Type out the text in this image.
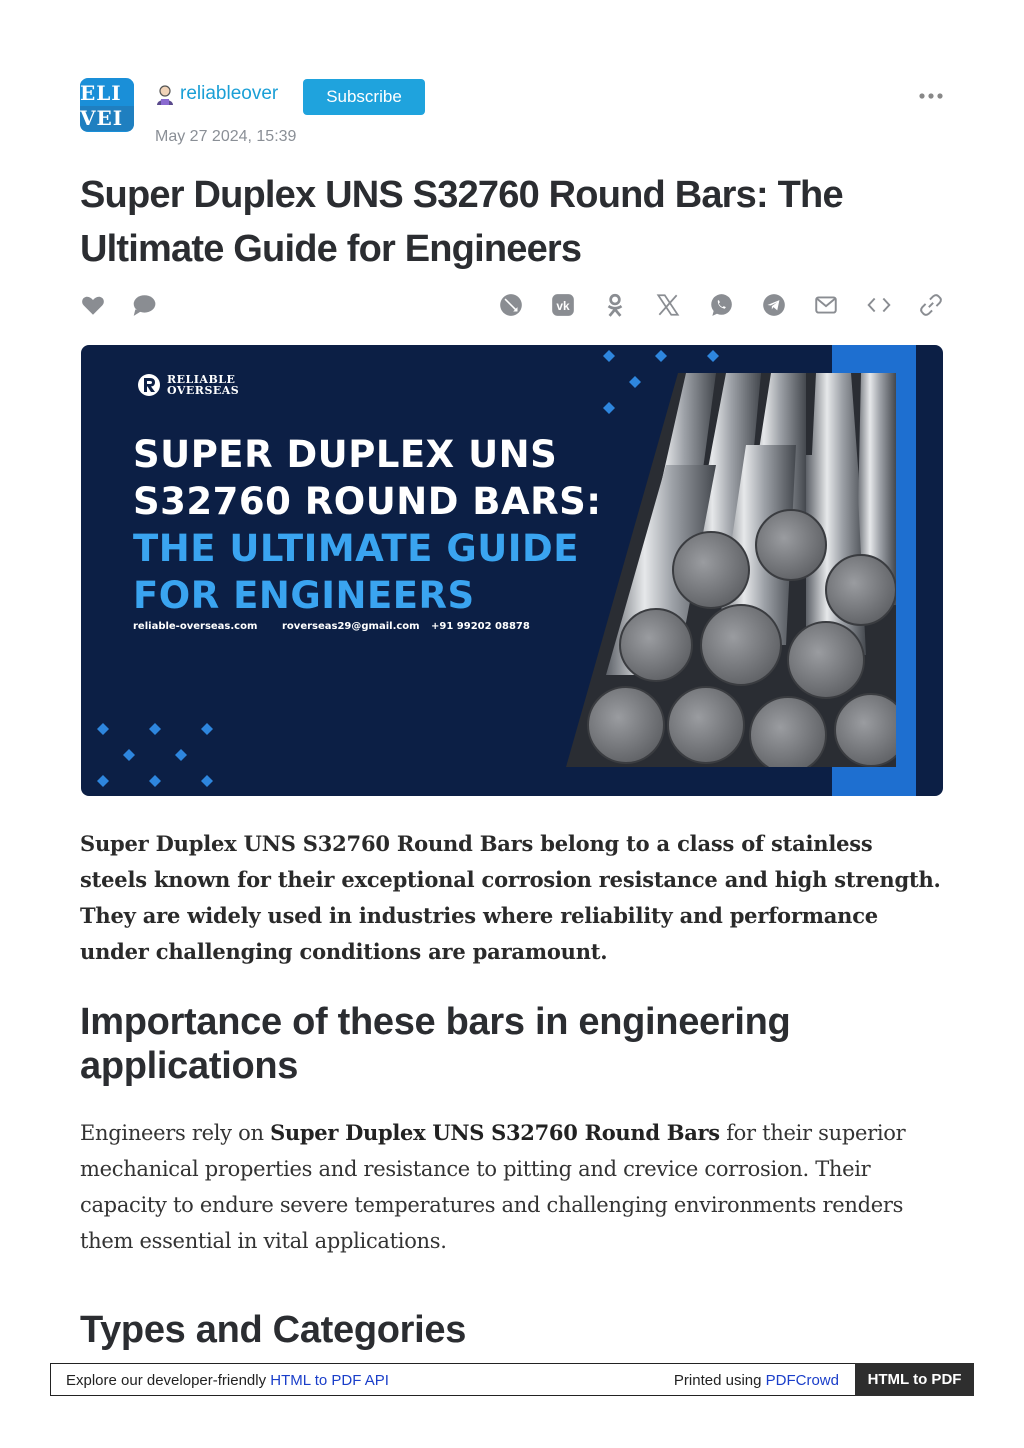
ELI
VEI
reliableover	Subscribe
May 27 2024, 15:39
Super Duplex UNS S32760 Round Bars: The Ultimate Guide for Engineers
vk
RELIABLE
OVERSEAS
SUPER DUPLEX UNS
S32760 ROUND BARS:
THE ULTIMATE GUIDE
FOR ENGINEERS
reliable-overseas.com roverseas29@gmail.com +91 99202 08878

Super Duplex UNS S32760 Round Bars belong to a class of stainless steels known for their exceptional corrosion resistance and high strength. They are widely used in industries where reliability and performance under challenging conditions are paramount.

Importance of these bars in engineering applications

Engineers rely on Super Duplex UNS S32760 Round Bars for their superior mechanical properties and resistance to pitting and crevice corrosion. Their capacity to endure severe temperatures and challenging environments renders them essential in vital applications.

Types and Categories
Explore our developer-friendly HTML to PDF API	Printed using PDFCrowd	HTML to PDF
